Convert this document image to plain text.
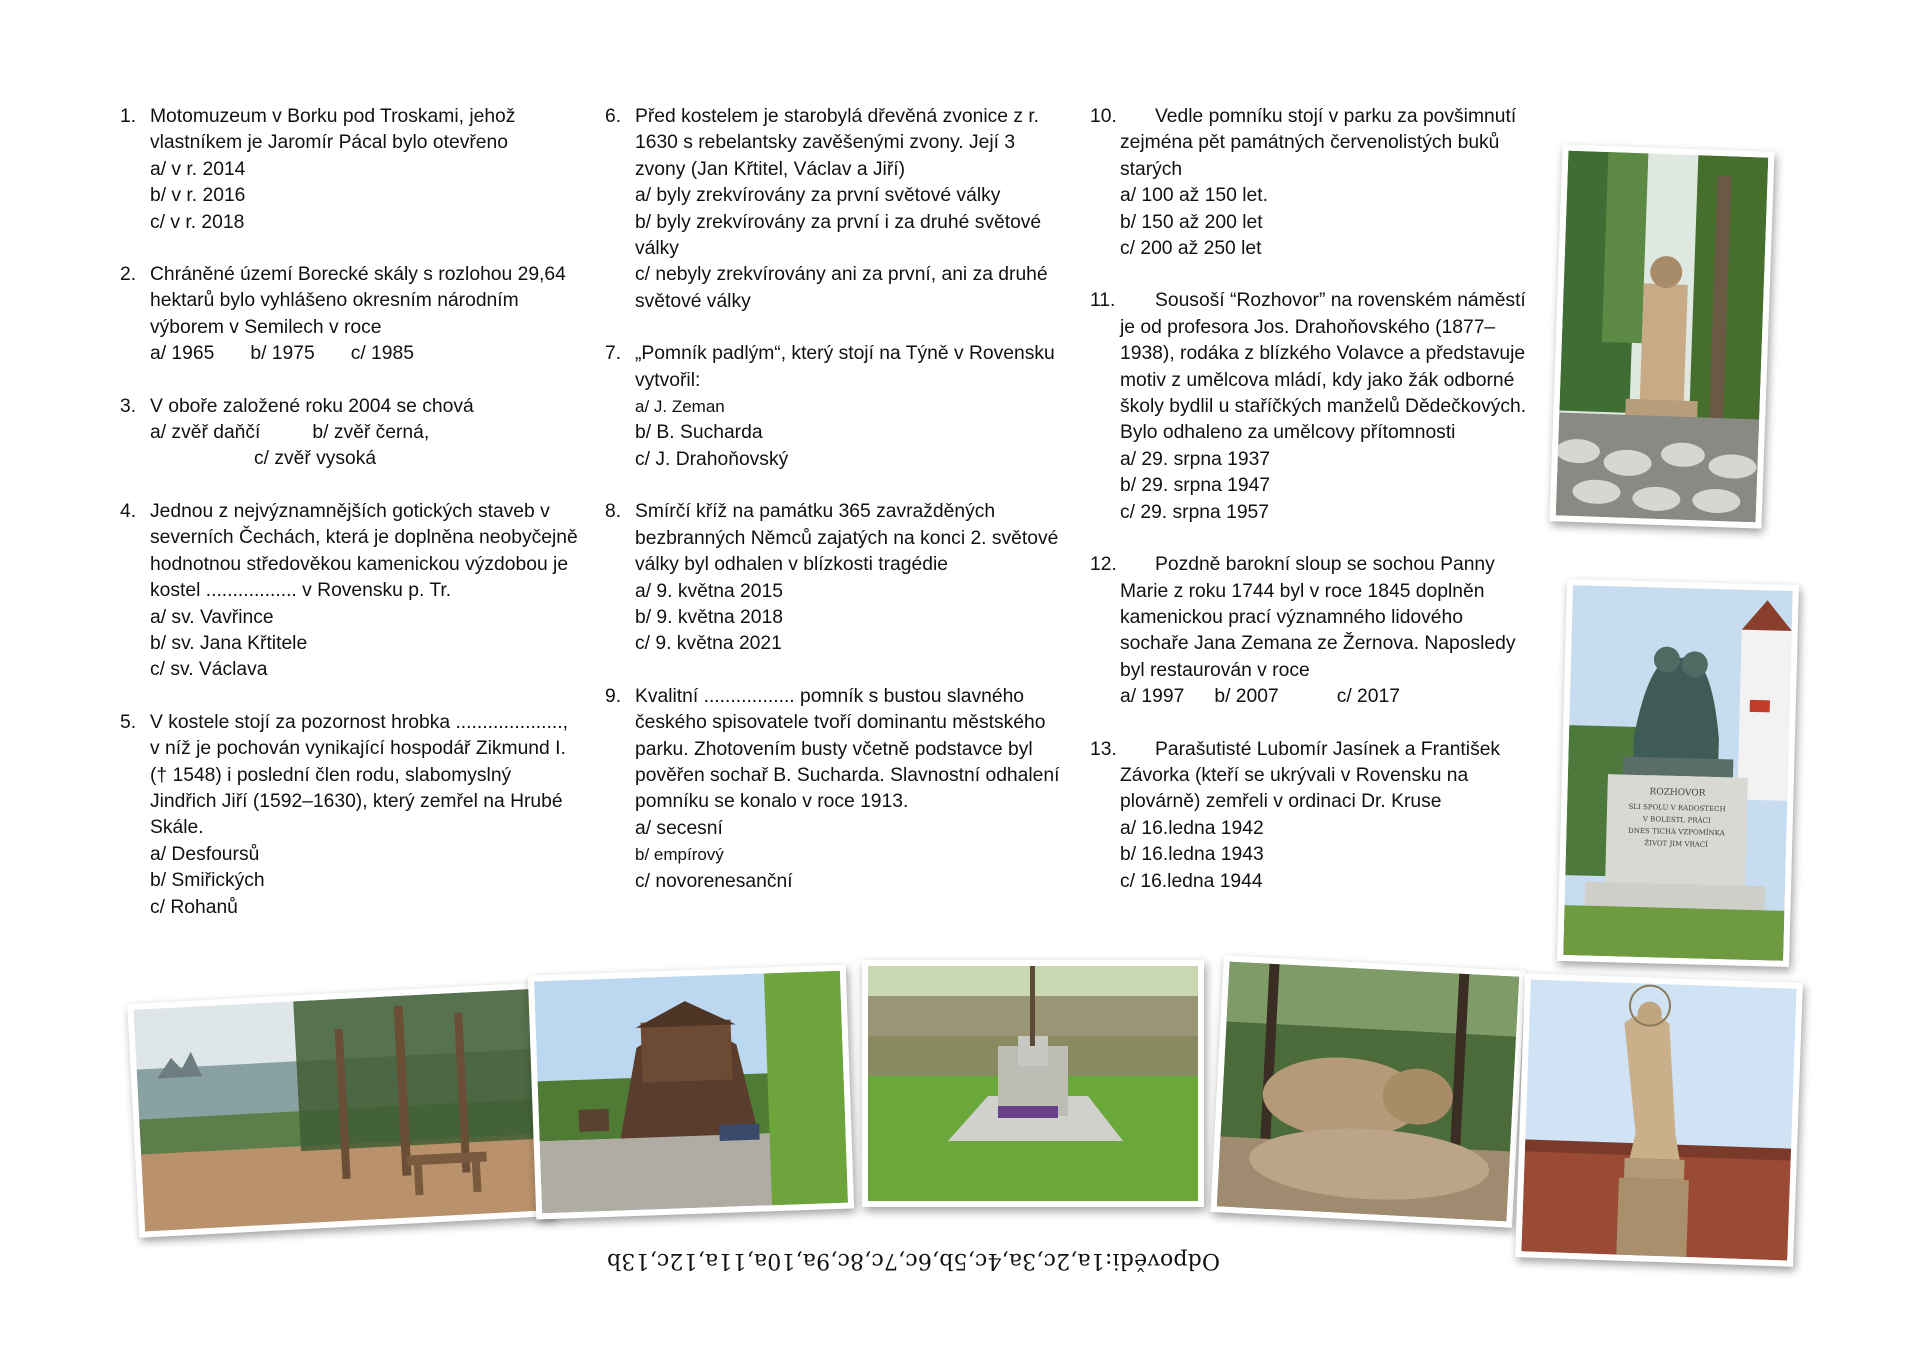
1. Motomuzeum v Borku pod Troskami, jehož vlastníkem je Jaromír Pácal bylo otevřeno
a/ v r. 2014
b/ v r. 2016
c/ v r. 2018
2. Chráněné území Borecké skály s rozlohou 29,64 hektarů bylo vyhlášeno okresním národním výborem v Semilech v roce
a/ 1965 b/ 1975 c/ 1985
3. V oboře založené roku 2004 se chová
a/ zvěř daňčí	b/ zvěř černá,
c/ zvěř vysoká
4. Jednou z nejvýznamnějších gotických staveb v severních Čechách, která je doplněna neobyčejně hodnotnou středověkou kamenickou výzdobou je kostel ................. v Rovensku p. Tr.
a/ sv. Vavřince
b/ sv. Jana Křtitele
c/ sv. Václava
5. V kostele stojí za pozornost hrobka ...................., v níž je pochován vynikající hospodář Zikmund I. († 1548) i poslední člen rodu, slabomyslný Jindřich Jiří (1592–1630), který zemřel na Hrubé Skále.
a/ Desfoursů
b/ Smiřických
c/ Rohanů
6. Před kostelem je starobylá dřevěná zvonice z r. 1630 s rebelantsky zavěšenými zvony. Její 3 zvony (Jan Křtitel, Václav a Jiří)
a/ byly zrekvírovány za první světové války
b/ byly zrekvírovány za první i za druhé světové války
c/ nebyly zrekvírovány ani za první, ani za druhé světové války
7. „Pomník padlým“, který stojí na Týně v Rovensku vytvořil:
a/ J. Zeman
b/ B. Sucharda
c/ J. Drahoňovský
8. Smírčí kříž na památku 365 zavražděných bezbranných Němců zajatých na konci 2. světové války byl odhalen v blízkosti tragédie
a/ 9. května 2015
b/ 9. května 2018
c/ 9. května 2021
9. Kvalitní ................. pomník s bustou slavného českého spisovatele tvoří dominantu městského parku. Zhotovením busty včetně podstavce byl pověřen sochař B. Sucharda. Slavnostní odhalení pomníku se konalo v roce 1913.
a/ secesní
b/ empírový
c/ novorenesanční
10. Vedle pomníku stojí v parku za povšimnutí zejména pět památných červenolistých buků starých
a/ 100 až 150 let.
b/ 150 až 200 let
c/ 200 až 250 let
11. Sousoší “Rozhovor” na rovenském náměstí je od profesora Jos. Drahoňovského (1877–1938), rodáka z blízkého Volavce a představuje motiv z umělcova mládí, kdy jako žák odborné školy bydlil u staříčkých manželů Dědečkových. Bylo odhaleno za umělcovy přítomnosti
a/ 29. srpna 1937
b/ 29. srpna 1947
c/ 29. srpna 1957
12. Pozdně barokní sloup se sochou Panny Marie z roku 1744 byl v roce 1845 doplněn kamenickou prací významného lidového sochaře Jana Zemana ze Žernova. Naposledy byl restaurován v roce
a/ 1997 b/ 2007	c/ 2017
13. Parašutisté Lubomír Jasínek a František Závorka (kteří se ukrývali v Rovensku na plovárně) zemřeli v ordinaci Dr. Kruse
a/ 16.ledna 1942
b/ 16.ledna 1943
c/ 16.ledna 1944
ROZHOVOR
SLI SPOLU V RADOSTECH
V BOLESTI, PRÁCI
DNES TICHÁ VZPOMÍNKA
ŽIVOT JIM VRACÍ
Odpovědi:1a,2c,3a,4c,5b,6c,7c,8c,9a,10a,11a,12c,13b
